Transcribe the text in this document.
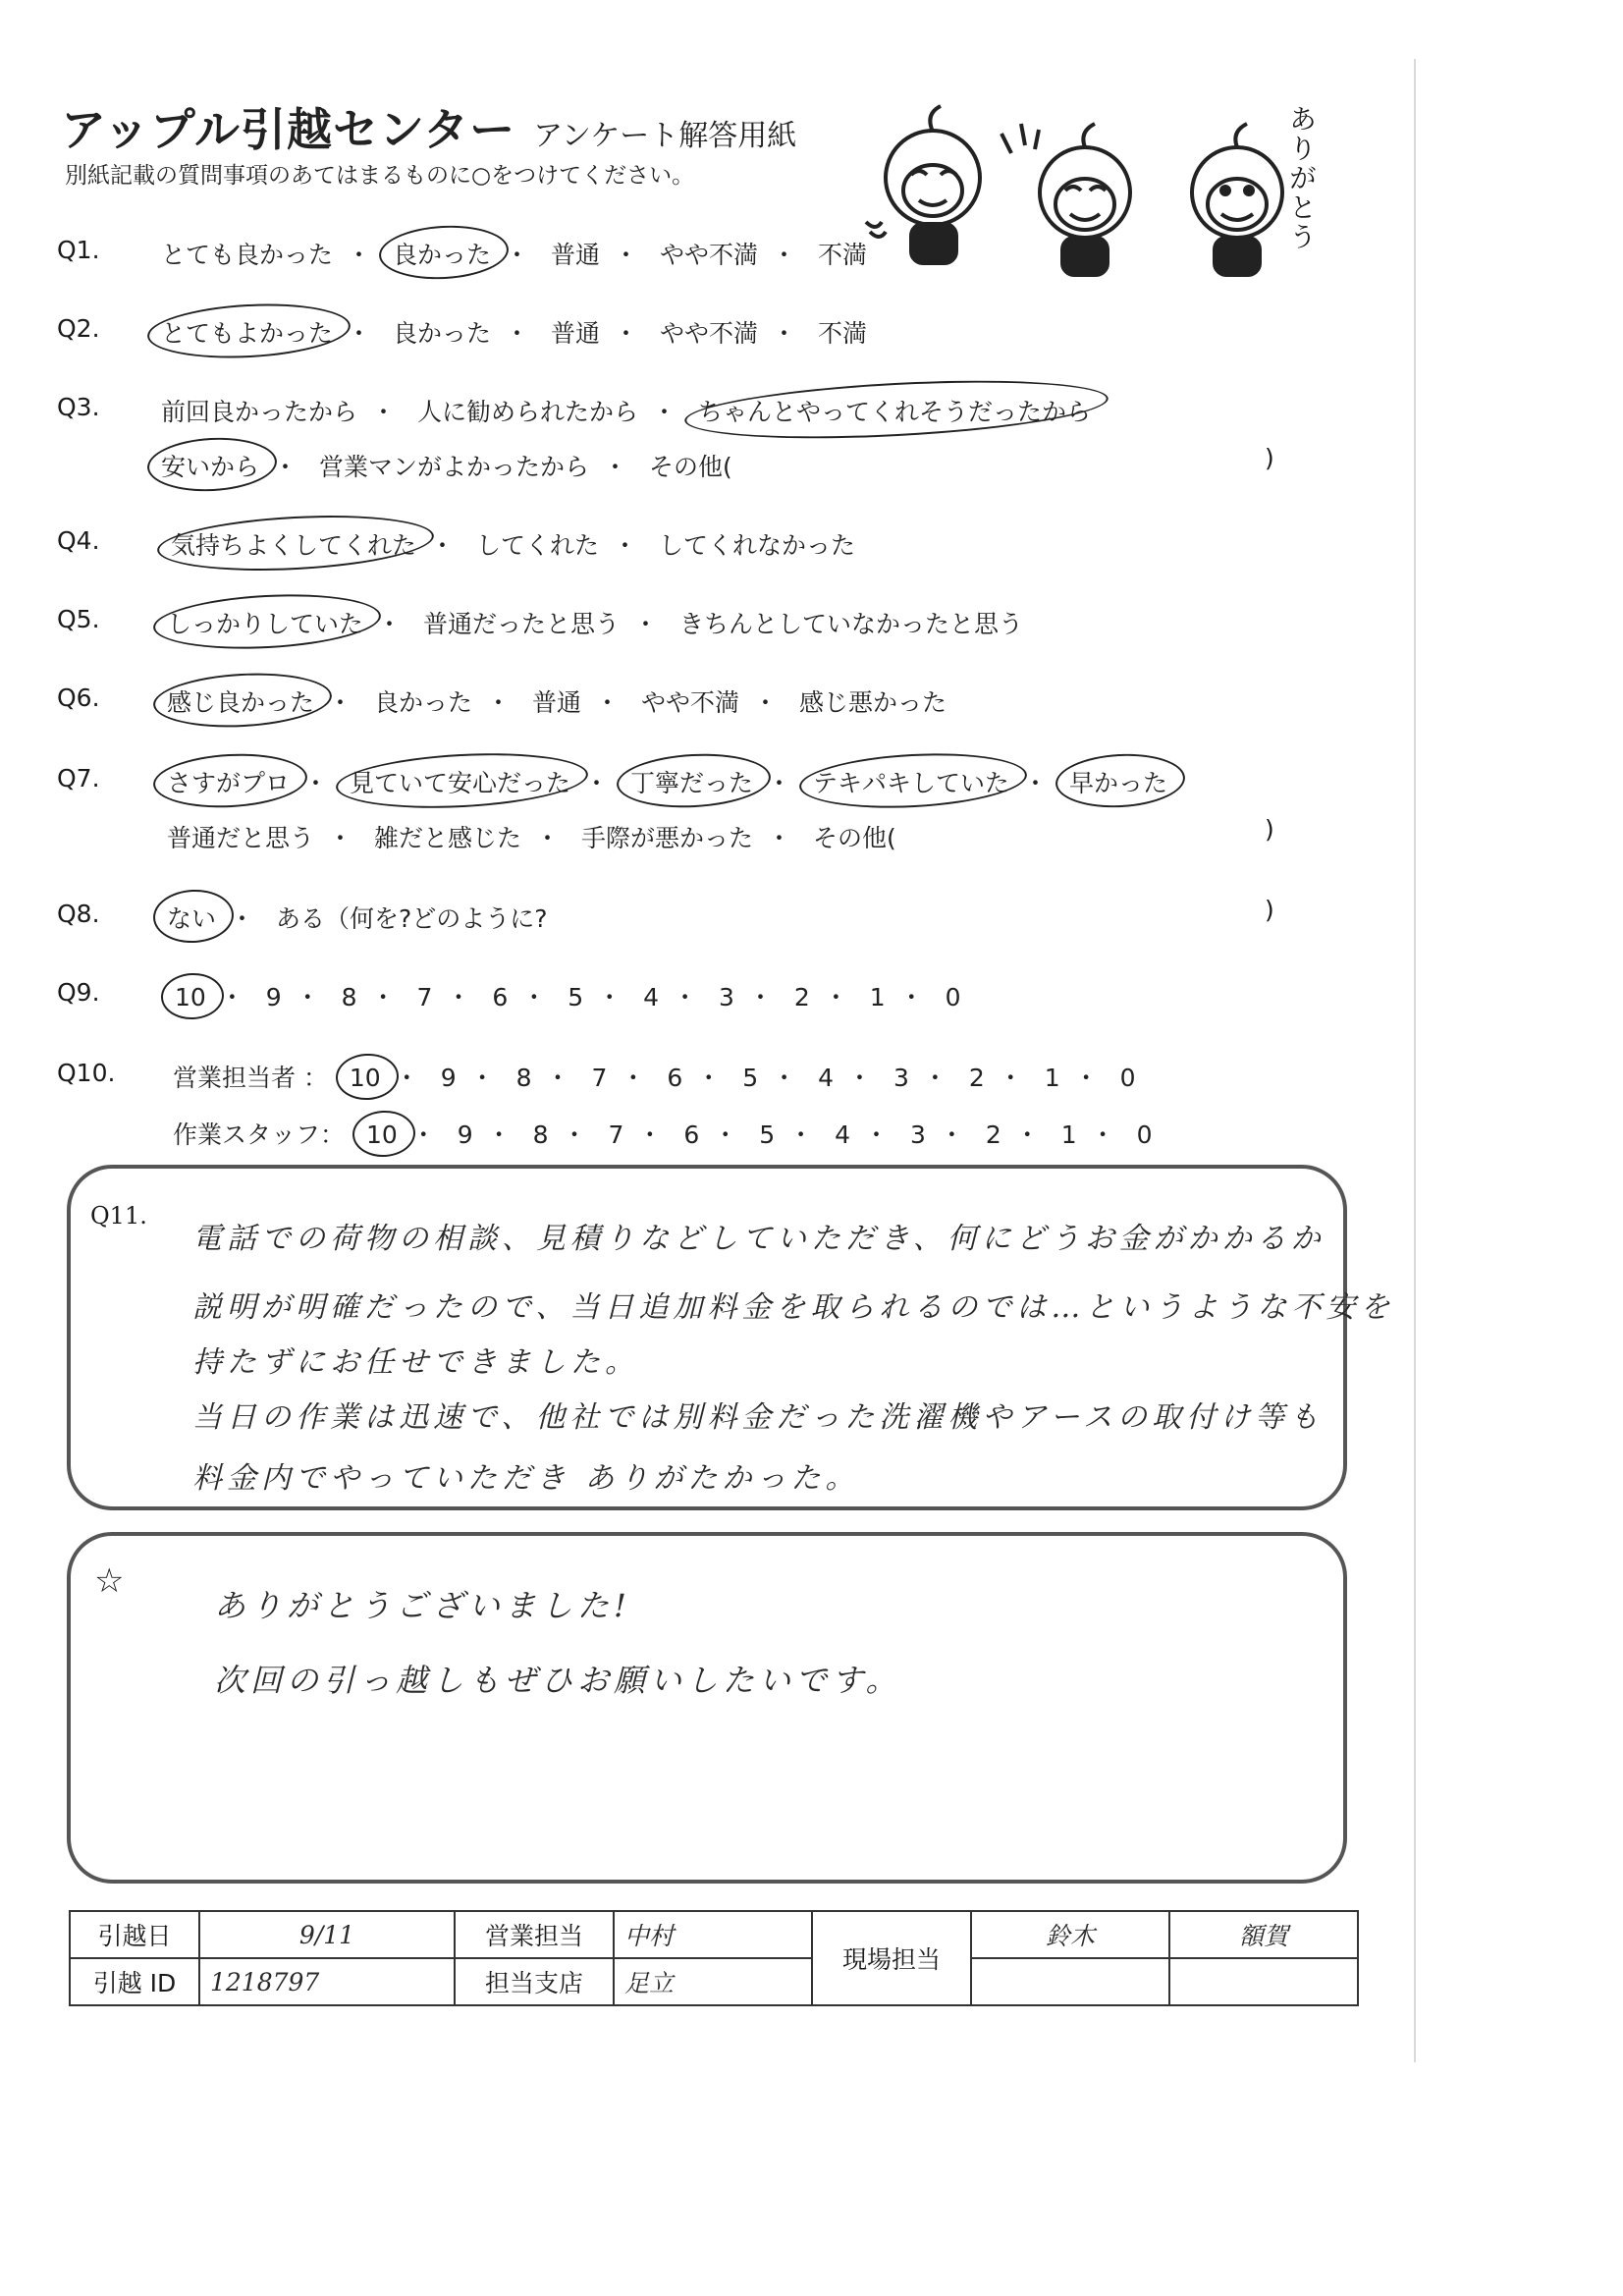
アップル引越センター アンケート解答用紙
別紙記載の質問事項のあてはまるものに○をつけてください。
ありがとう
Q1. とても良かった ・ 良かった ・ 普通 ・ やや不満 ・ 不満
Q2. とてもよかった ・ 良かった ・ 普通 ・ やや不満 ・ 不満
Q3. 前回良かったから ・ 人に勧められたから ・ ちゃんとやってくれそうだったから
安いから ・ 営業マンがよかったから ・ その他(	)
Q4.	気持ちよくしてくれた ・ してくれた ・ してくれなかった
Q5.	しっかりしていた ・ 普通だったと思う ・ きちんとしていなかったと思う
Q6.	感じ良かった ・ 良かった ・ 普通 ・ やや不満 ・ 感じ悪かった
Q7.	さすがプロ ・ 見ていて安心だった ・ 丁寧だった ・ テキパキしていた ・ 早かった
普通だと思う ・ 雑だと感じた ・ 手際が悪かった ・ その他(	)
Q8.	ない ・ ある（何を?どのように?	)
Q9.	10 ・ 9 ・ 8 ・ 7 ・ 6 ・ 5 ・ 4 ・ 3 ・ 2 ・ 1 ・ 0
Q10. 営業担当者 ： 10 ・ 9 ・ 8 ・ 7 ・ 6 ・ 5 ・ 4 ・ 3 ・ 2 ・ 1 ・ 0
作業スタッフ： 10 ・ 9 ・ 8 ・ 7 ・ 6 ・ 5 ・ 4 ・ 3 ・ 2 ・ 1 ・ 0
Q11.
電話での荷物の相談、見積りなどしていただき、何にどうお金がかかるか
説明が明確だったので、当日追加料金を取られるのでは…というような不安を
持たずにお任せできました。
当日の作業は迅速で、他社では別料金だった洗濯機やアースの取付け等も
料金内でやっていただき ありがたかった。
☆
ありがとうございました!
次回の引っ越しもぜひお願いしたいです。
引越日	9/11	営業担当	中村	現場担当	鈴木	額賀
引越 ID	1218797	担当支店	足立			
